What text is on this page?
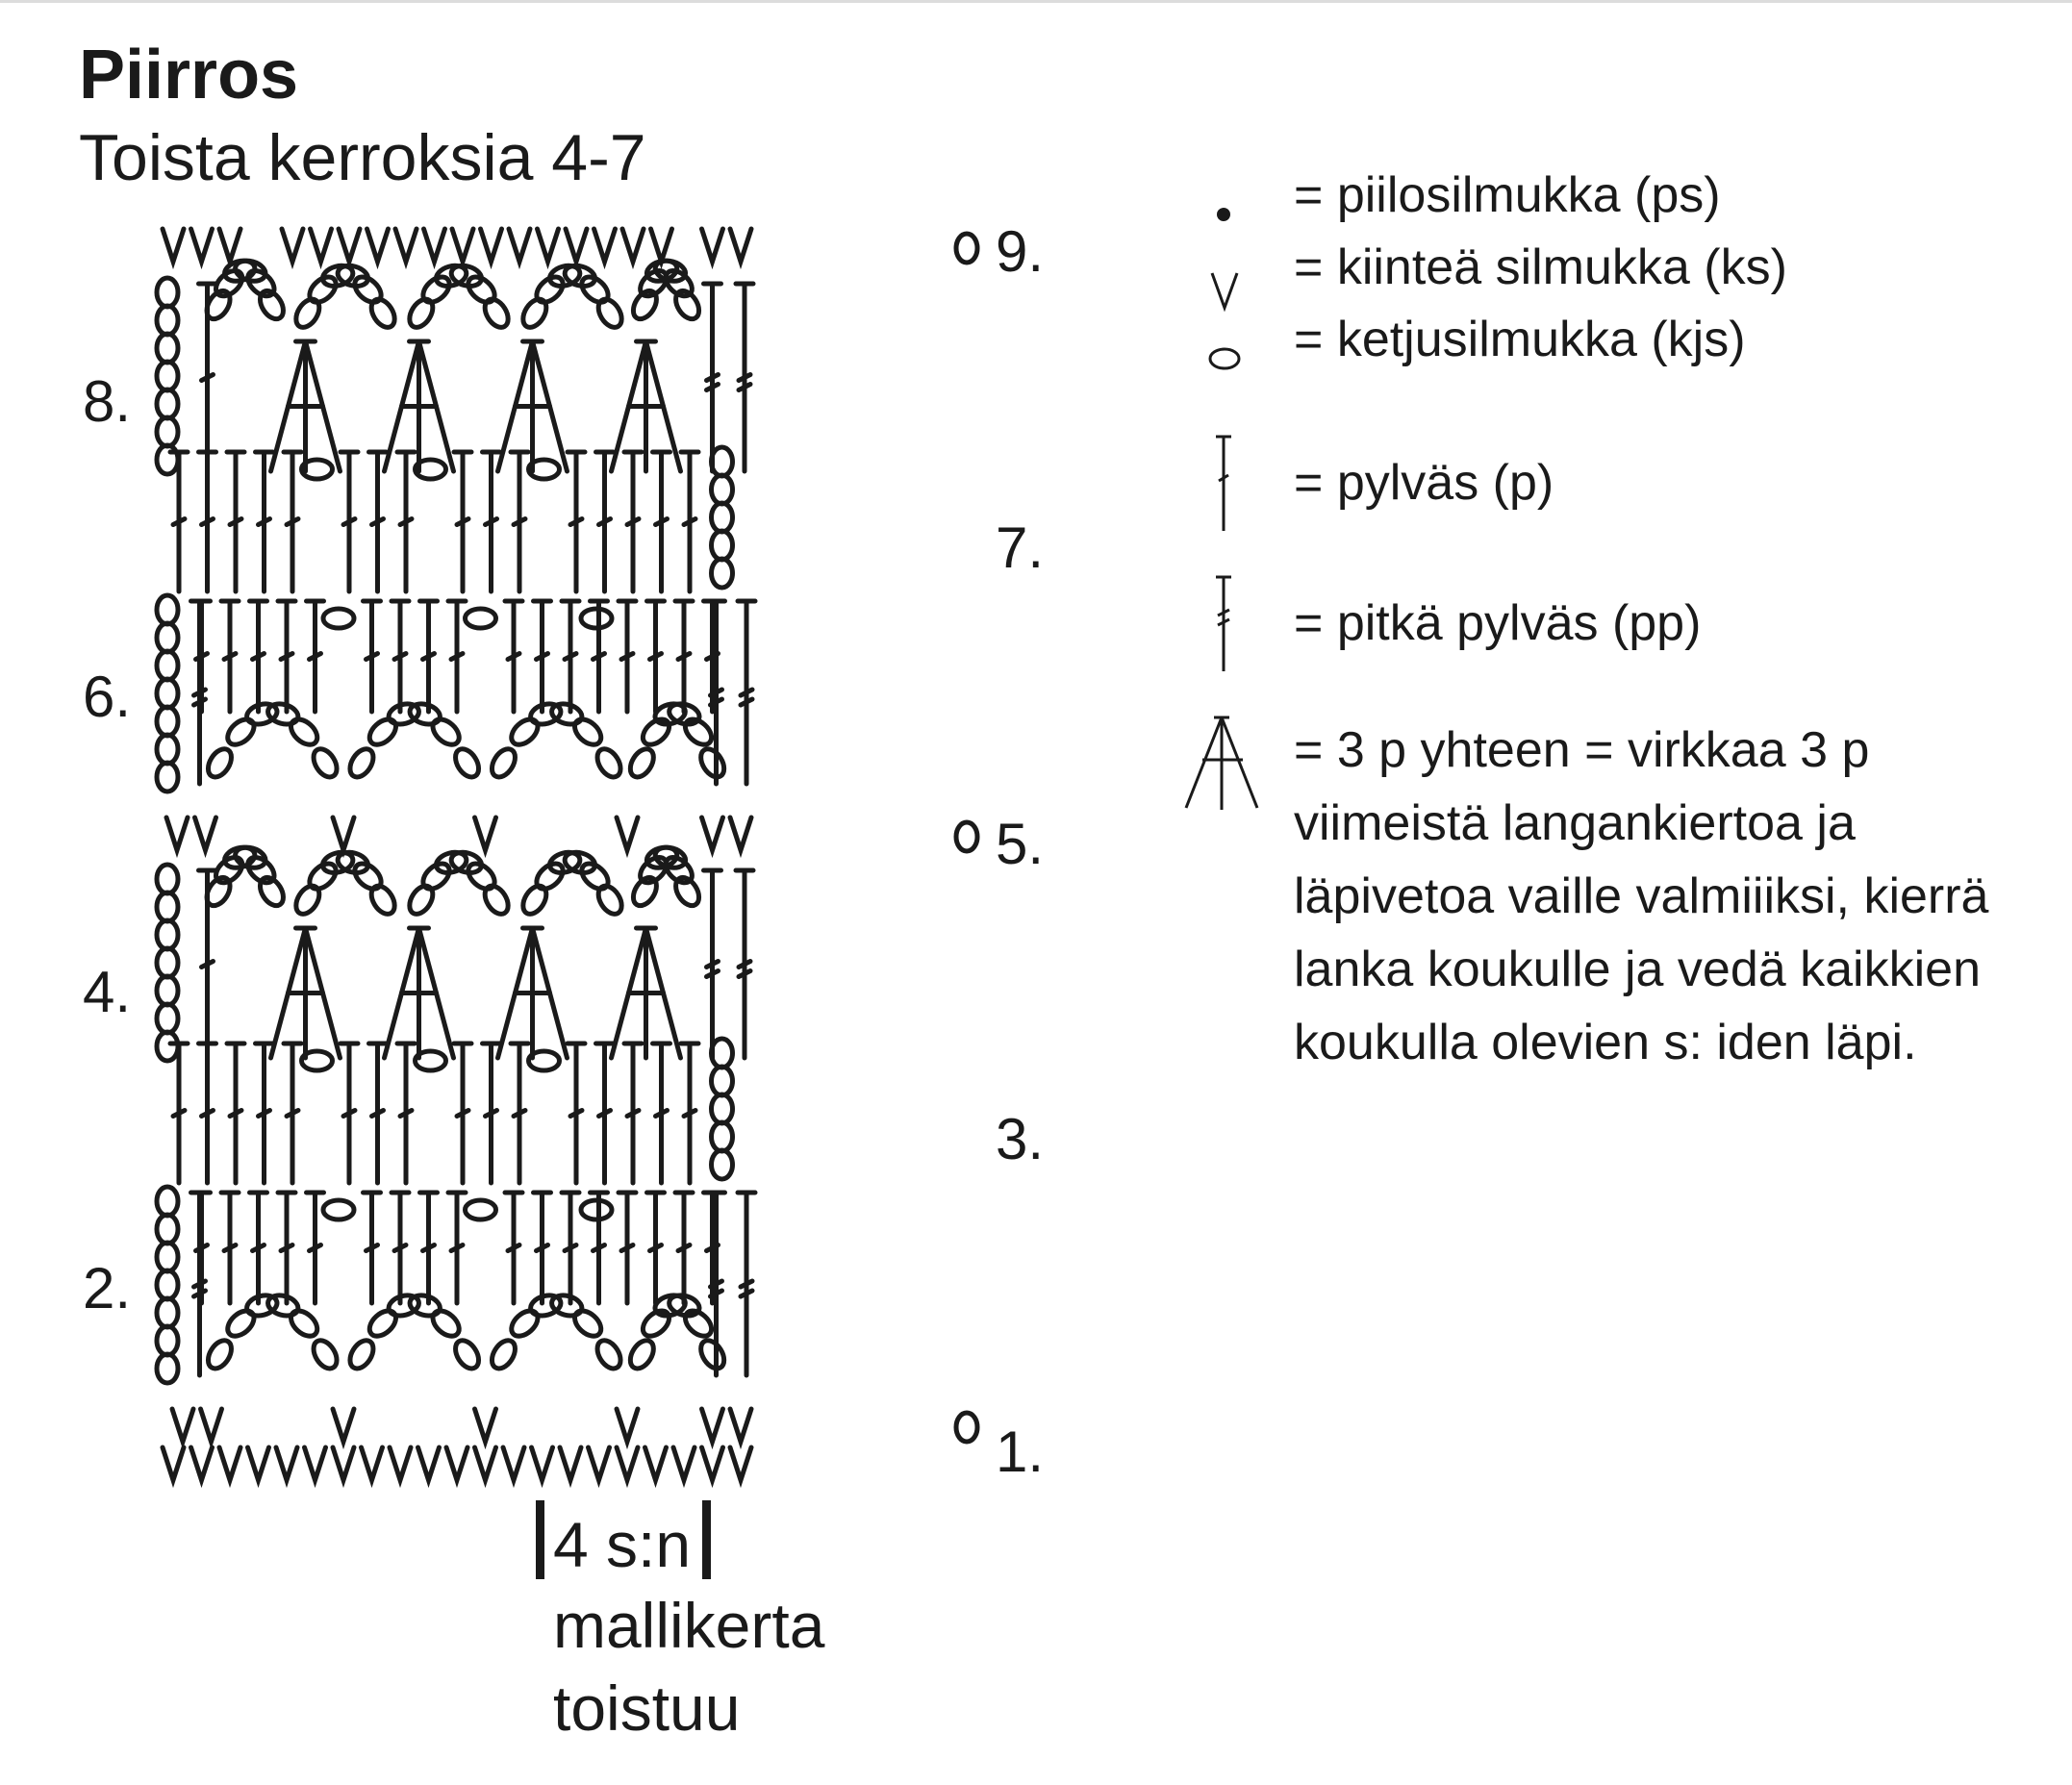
Piirros
Toista kerroksia 4-7
1.
2.
3.
4.
5.
6.
7.
8.
9.
4 s:n
mallikerta
toistuu
= piilosilmukka (ps)
= kiinteä silmukka (ks)
= ketjusilmukka (kjs)
= pylväs (p)
= pitkä pylväs (pp)
= 3 p yhteen = virkkaa 3 p
viimeistä langankiertoa ja
läpivetoa vaille valmiiiksi, kierrä
lanka koukulle ja vedä kaikkien
koukulla olevien s: iden läpi.
